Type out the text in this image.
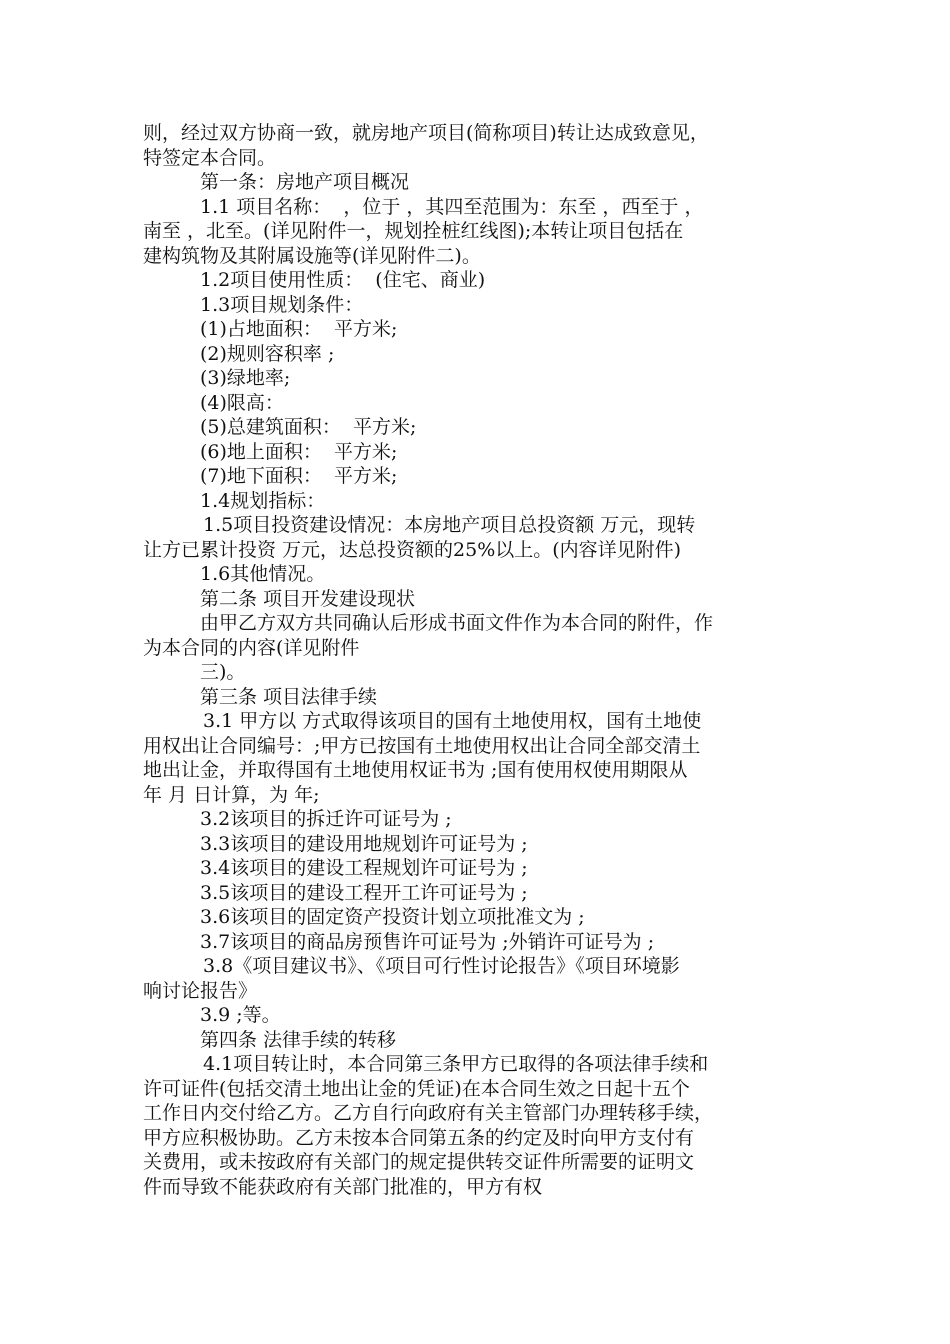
则，经过双方协商一致，就房地产项目(简称项目)转让达成致意见，
特签定本合同。
第一条：房地产项目概况
1.1 项目名称：  ，位于 ，其四至范围为：东至 ，西至于 ，
南至 ，北至。(详见附件一，规划拴桩红线图);本转让项目包括在
建构筑物及其附属设施等(详见附件二)。
1.2项目使用性质：  (住宅、商业)
1.3项目规划条件：
(1)占地面积：  平方米;
(2)规则容积率 ;
(3)绿地率;
(4)限高：
(5)总建筑面积：  平方米;
(6)地上面积：  平方米;
(7)地下面积：  平方米;
1.4规划指标：
1.5项目投资建设情况：本房地产项目总投资额 万元，现转
让方已累计投资 万元，达总投资额的25%以上。(内容详见附件)
1.6其他情况。
第二条 项目开发建设现状
由甲乙方双方共同确认后形成书面文件作为本合同的附件，作
为本合同的内容(详见附件
三)。
第三条 项目法律手续
3.1 甲方以 方式取得该项目的国有土地使用权，国有土地使
用权出让合同编号：;甲方已按国有土地使用权出让合同全部交清土
地出让金，并取得国有土地使用权证书为 ;国有使用权使用期限从
年 月 日计算，为 年;
3.2该项目的拆迁许可证号为 ;
3.3该项目的建设用地规划许可证号为 ;
3.4该项目的建设工程规划许可证号为 ;
3.5该项目的建设工程开工许可证号为 ;
3.6该项目的固定资产投资计划立项批准文为 ;
3.7该项目的商品房预售许可证号为 ;外销许可证号为 ;
3.8《项目建议书》、《项目可行性讨论报告》《项目环境影
响讨论报告》
3.9 ;等。
第四条 法律手续的转移
4.1项目转让时，本合同第三条甲方已取得的各项法律手续和
许可证件(包括交清土地出让金的凭证)在本合同生效之日起十五个
工作日内交付给乙方。乙方自行向政府有关主管部门办理转移手续，
甲方应积极协助。乙方未按本合同第五条的约定及时向甲方支付有
关费用，或未按政府有关部门的规定提供转交证件所需要的证明文
件而导致不能获政府有关部门批准的，甲方有权
